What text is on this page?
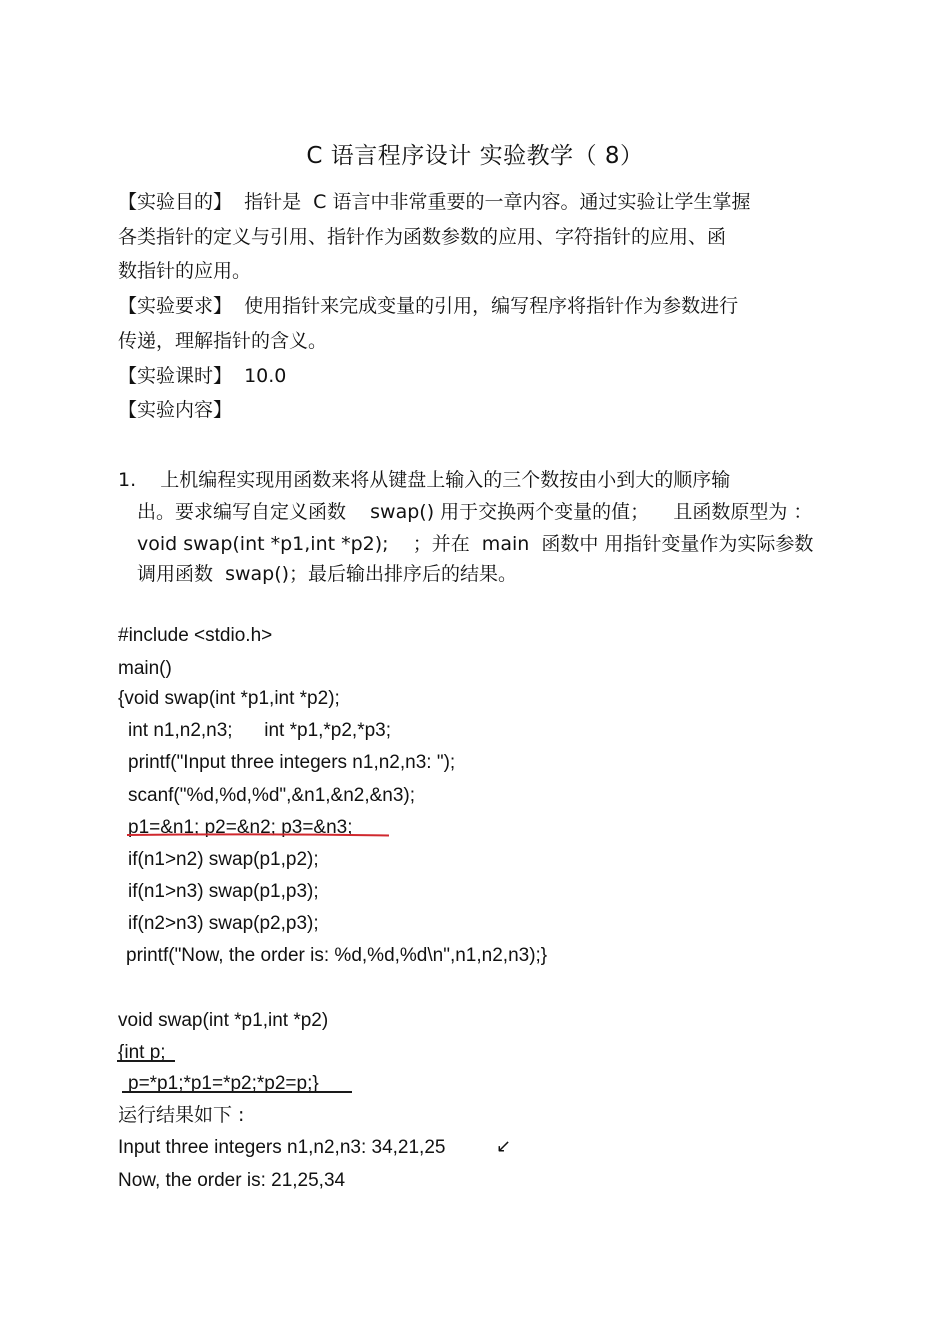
C 语言程序设计 实验教学（ 8）
【实验目的】  指针是  C 语言中非常重要的一章内容。通过实验让学生掌握
各类指针的定义与引用、指针作为函数参数的应用、字符指针的应用、函
数指针的应用。
【实验要求】  使用指针来完成变量的引用，编写程序将指针作为参数进行
传递，理解指针的含义。
【实验课时】  10.0
【实验内容】
1.    上机编程实现用函数来将从键盘上输入的三个数按由小到大的顺序输
出。要求编写自定义函数    swap() 用于交换两个变量的值；    且函数原型为 ：
void swap(int *p1,int *p2);    ；并在  main  函数中 用指针变量作为实际参数
调用函数  swap()；最后输出排序后的结果。
#include <stdio.h>
main()
{void swap(int *p1,int *p2);
int n1,n2,n3;      int *p1,*p2,*p3;
printf("Input three integers n1,n2,n3: ");
scanf("%d,%d,%d",&n1,&n2,&n3);
p1=&n1; p2=&n2; p3=&n3;
if(n1>n2) swap(p1,p2);
if(n1>n3) swap(p1,p3);
if(n2>n3) swap(p2,p3);
printf("Now, the order is: %d,%d,%d\n",n1,n2,n3);}
void swap(int *p1,int *p2)
{int p;
p=*p1;*p1=*p2;*p2=p;}
运行结果如下 :
Input three integers n1,n2,n3: 34,21,25	↙
Now, the order is: 21,25,34
